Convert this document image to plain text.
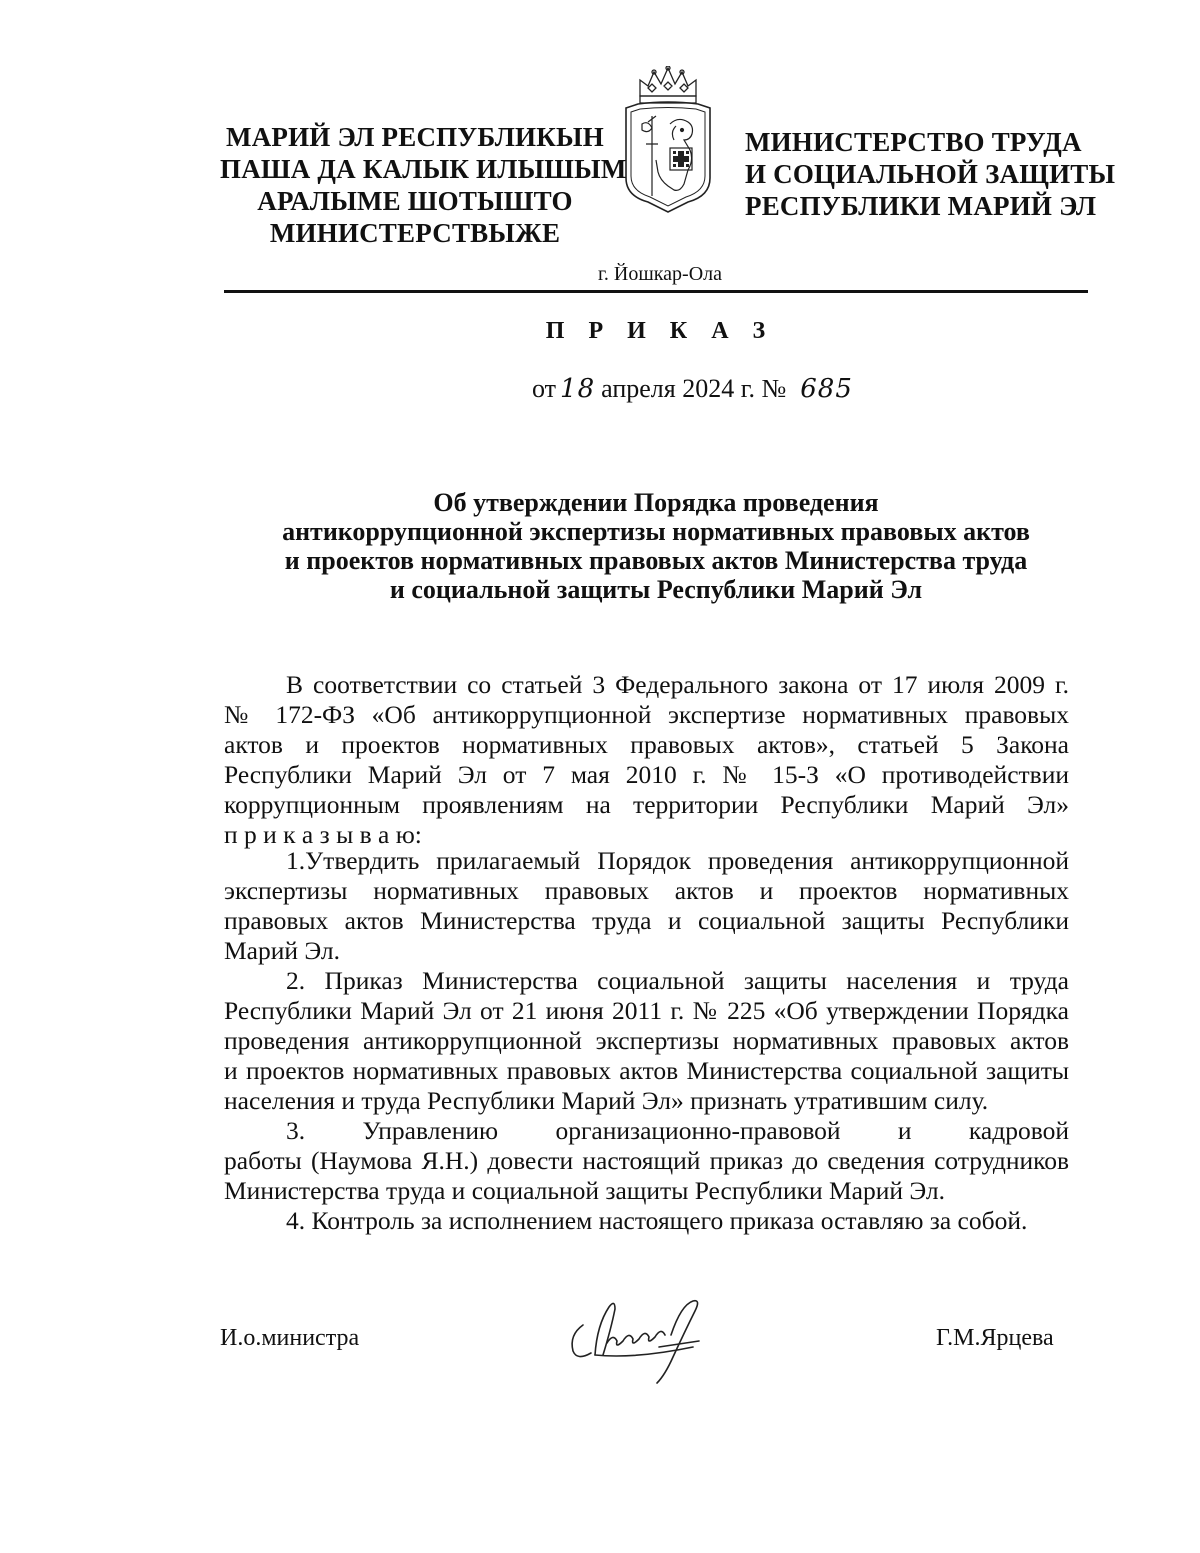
МАРИЙ ЭЛ РЕСПУБЛИКЫН
ПАША ДА КАЛЫК ИЛЫШЫМ
АРАЛЫМЕ ШОТЫШТО
МИНИСТЕРСТВЫЖЕ
МИНИСТЕРСТВО ТРУДА
И СОЦИАЛЬНОЙ ЗАЩИТЫ
РЕСПУБЛИКИ МАРИЙ ЭЛ
г. Йошкар-Ола
П Р И К А З
от 18 апреля 2024 г. № 685
Об утверждении Порядка проведения
антикоррупционной экспертизы нормативных правовых актов
и проектов нормативных правовых актов Министерства труда
и социальной защиты Республики Марий Эл
В соответствии со статьей 3 Федерального закона от 17 июля 2009 г.
№ 172-ФЗ «Об антикоррупционной экспертизе нормативных правовых
актов и проектов нормативных правовых актов», статьей 5 Закона
Республики Марий Эл от 7 мая 2010 г. № 15-З «О противодействии
коррупционным проявлениям на территории Республики Марий Эл»
п р и к а з ы в а ю:
1.Утвердить прилагаемый Порядок проведения антикоррупционной
экспертизы нормативных правовых актов и проектов нормативных
правовых актов Министерства труда и социальной защиты Республики
Марий Эл.
2. Приказ Министерства социальной защиты населения и труда
Республики Марий Эл от 21 июня 2011 г. № 225 «Об утверждении Порядка
проведения антикоррупционной экспертизы нормативных правовых актов
и проектов нормативных правовых актов Министерства социальной защиты
населения и труда Республики Марий Эл» признать утратившим силу.
3. Управлению организационно-правовой и кадровой
работы (Наумова Я.Н.) довести настоящий приказ до сведения сотрудников
Министерства труда и социальной защиты Республики Марий Эл.
4. Контроль за исполнением настоящего приказа оставляю за собой.
И.о.министра	Г.М.Ярцева
